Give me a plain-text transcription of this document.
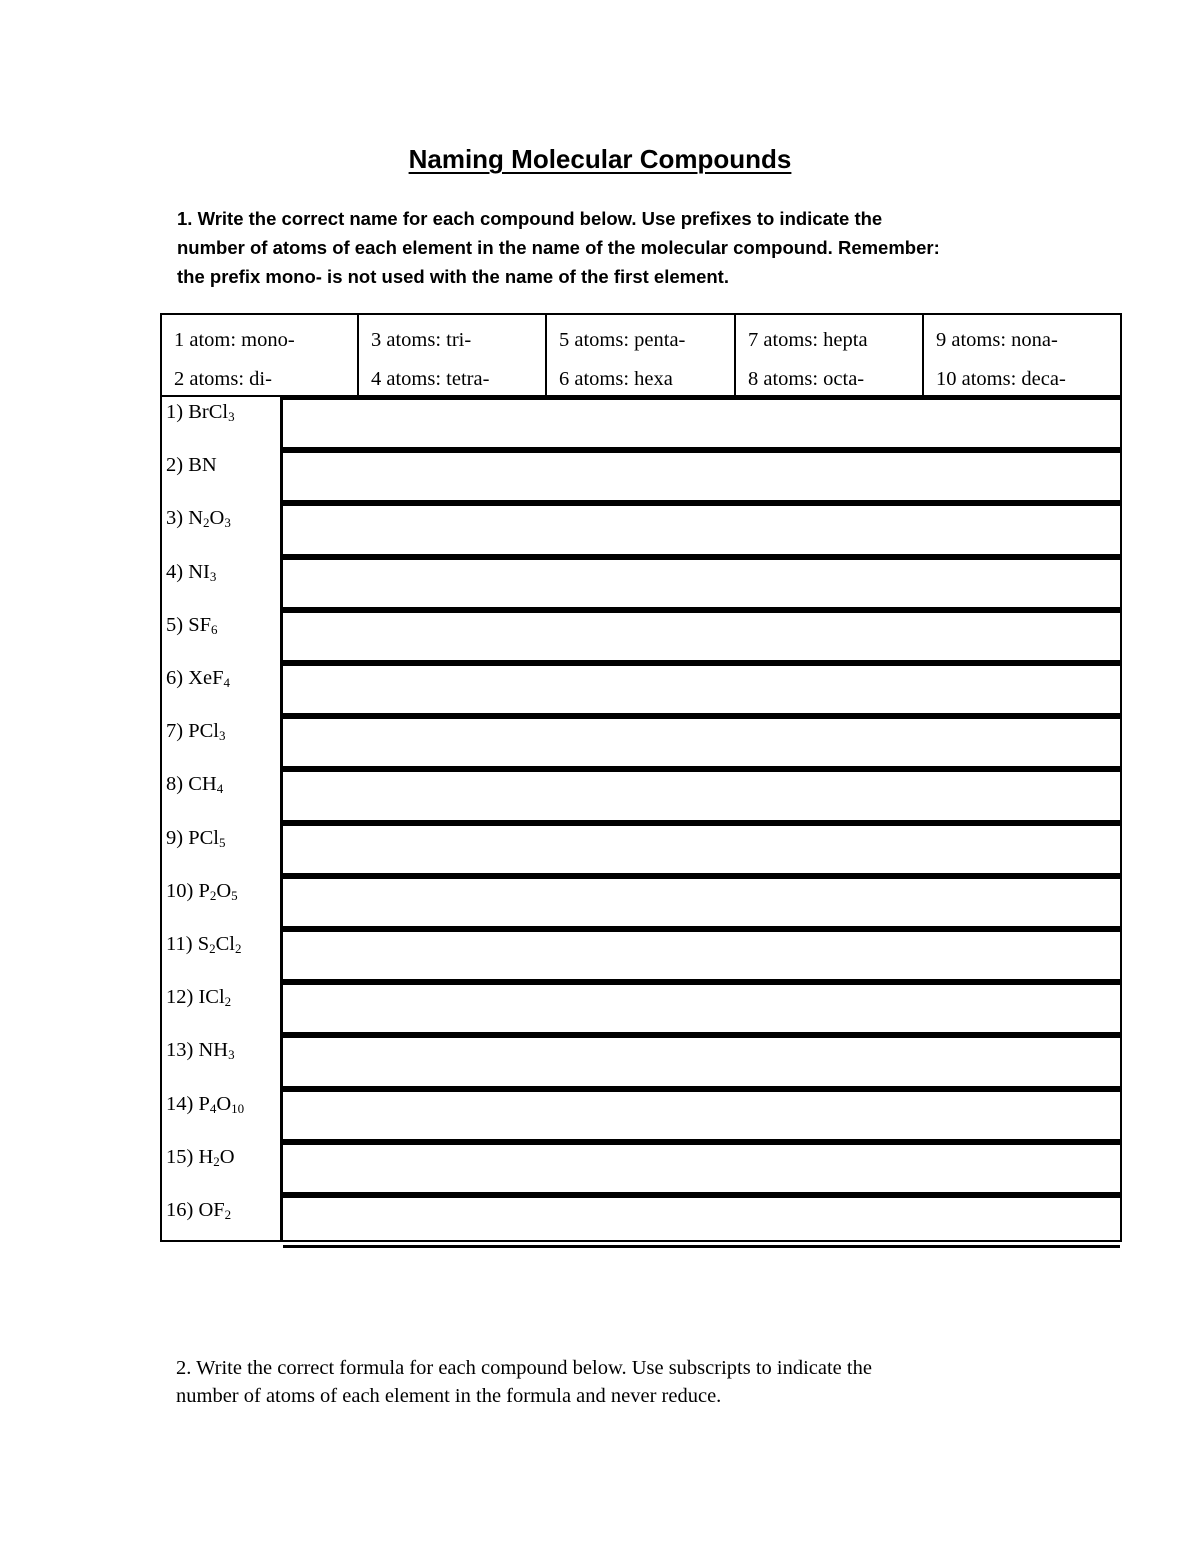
Naming Molecular Compounds
1. Write the correct name for each compound below. Use prefixes to indicate the
number of atoms of each element in the name of the molecular compound. Remember:
the prefix mono- is not used with the name of the first element.
1 atom: mono-
2 atoms: di-
3 atoms: tri-
4 atoms: tetra-
5 atoms: penta-
6 atoms: hexa
7 atoms: hepta
8 atoms: octa-
9 atoms: nona-
10 atoms: deca-
1) BrCl$_3$
2) BN
3) $N_2O_3$
4) $NI_3$
5) $SF_6$
6) XeF$_4$
7) PCl$_3$
8) $CH_4$
9) PCl$_5$
10) $P_2O_5$
11) $S_2Cl_2$
12) ICl$_2$
13) $NH_3$
14) $P_4O_{10}$
15) $H_2O$
16) $OF_2$
2. Write the correct formula for each compound below. Use subscripts to indicate the
number of atoms of each element in the formula and never reduce.
